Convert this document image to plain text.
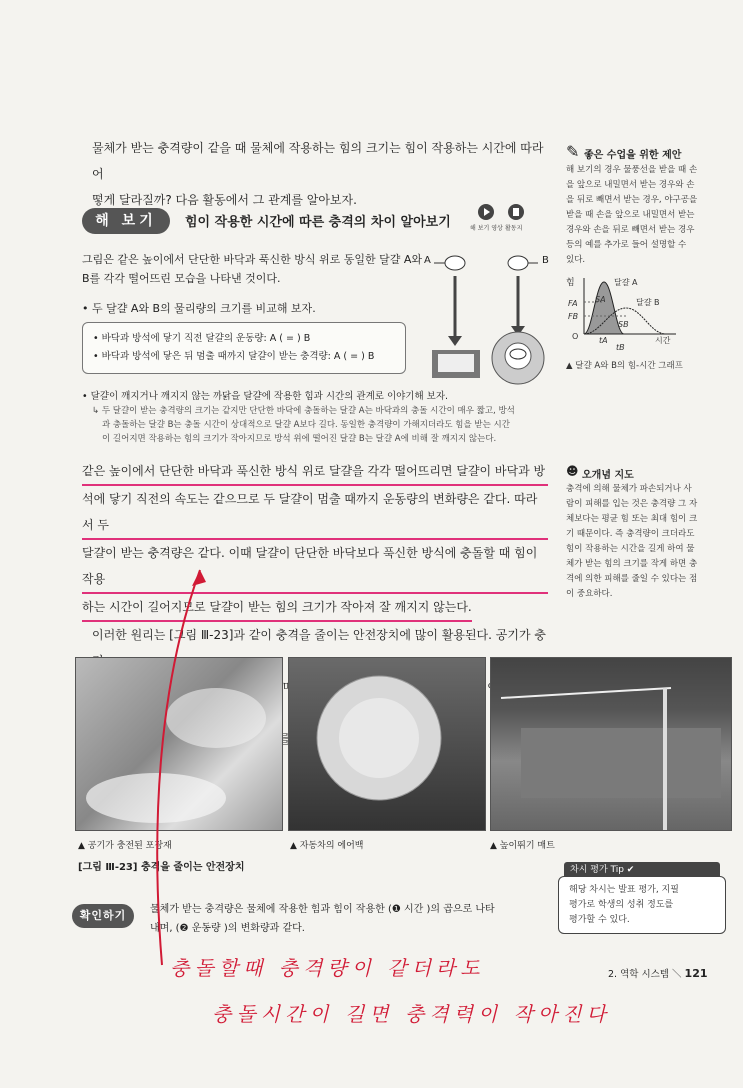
물체가 받는 충격량이 같을 때 물체에 작용하는 힘의 크기는 힘이 작용하는 시간에 따라 어
떻게 달라질까? 다음 활동에서 그 관계를 알아보자.
해 보기	힘이 작용한 시간에 따른 충격의 차이 알아보기	해 보기 영상 활동지
그림은 같은 높이에서 단단한 바닥과 푹신한 방식 위로 동일한 달걀 A와
B를 각각 떨어뜨린 모습을 나타낸 것이다.
• 두 달걀 A와 B의 물리량의 크기를 비교해 보자.
• 바닥과 방석에 닿기 직전 달걀의 운동량: A ( = ) B
• 바닥과 방석에 닿은 뒤 멈출 때까지 달걀이 받는 충격량: A ( = ) B
A	B
• 달걀이 깨지거나 깨지지 않는 까닭을 달걀에 작용한 힘과 시간의 관계로 이야기해 보자.
↳ 두 달걀이 받는 충격량의 크기는 같지만 단단한 바닥에 충돌하는 달걀 A는 바닥과의 충돌 시간이 매우 짧고, 방석
과 충돌하는 달걀 B는 충돌 시간이 상대적으로 달걀 A보다 길다. 동일한 충격량이 가해지더라도 힘을 받는 시간
이 길어지면 작용하는 힘의 크기가 작아지므로 방석 위에 떨어진 달걀 B는 달걀 A에 비해 잘 깨지지 않는다.
같은 높이에서 단단한 바닥과 푹신한 방식 위로 달걀을 각각 떨어뜨리면 달걀이 바닥과 방
석에 닿기 직전의 속도는 같으므로 두 달걀이 멈출 때까지 운동량의 변화량은 같다. 따라서 두
달걀이 받는 충격량은 같다. 이때 달걀이 단단한 바닥보다 푹신한 방식에 충돌할 때 힘이 작용
하는 시간이 길어지므로 달걀이 받는 힘의 크기가 작아져 잘 깨지지 않는다.
이러한 원리는 [그림 Ⅲ-23]과 같이 충격을 줄이는 안전장치에 많이 활용된다. 공기가 충
힘이
▲ 공기가 충전된 포장재	▲ 자동차의 에어백	▲ 높이뛰기 매트
[그림 Ⅲ-23] 충격을 줄이는 안전장치
확인하기	물체가 받는 충격량은 물체에 작용한 힘과 힘이 작용한 (❶ 시간 )의 곱으로 나타
내며, (❷ 운동량 )의 변화량과 같다.
충돌할때 충격량이 같더라도
충돌시간이 길면 충격력이 작아진다
✎ 좋은 수업을 위한 제안
해 보기의 경우 물풍선을 받을 때 손
을 앞으로 내밀면서 받는 경우와 손
을 뒤로 빼면서 받는 경우, 야구공을
받을 때 손을 앞으로 내밀면서 받는
경우와 손을 뒤로 빼면서 받는 경우
등의 예를 추가로 들어 설명할 수
있다.
힘
시간
달걀 A
달걀 B
FA
FB
SA
SB
tA
tB
O
▲ 달걀 A와 B의 힘-시간 그래프
☻ 오개념 지도
충격에 의해 물체가 파손되거나 사
람이 피해를 입는 것은 충격량 그 자
체보다는 평균 힘 또는 최대 힘이 크
기 때문이다. 즉 충격량이 크더라도
힘이 작용하는 시간을 길게 하여 물
체가 받는 힘의 크기를 작게 하면 충
격에 의한 피해를 줄일 수 있다는 점
이 중요하다.
차시 평가 Tip ✔
해당 차시는 발표 평가, 지필
평가로 학생의 성취 정도를
평가할 수 있다.
2. 역학 시스템 ＼ 121
